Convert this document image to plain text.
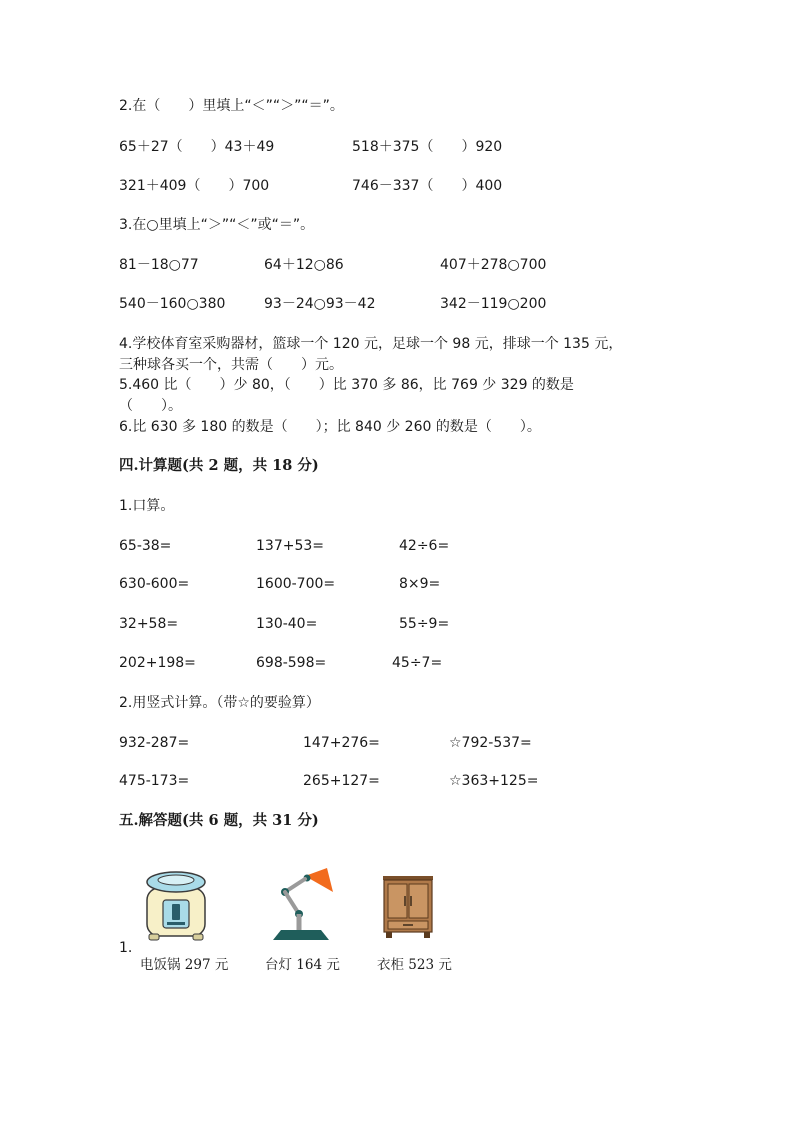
2.在（　　）里填上“＜”“＞”“＝”。
65＋27（　　）43＋49	518＋375（　　）920
321＋409（　　）700	746－337（　　）400
3.在○里填上“＞”“＜”或“＝”。
81－18○77	64＋12○86	407＋278○700
540－160○380	93－24○93－42	342－119○200
4.学校体育室采购器材，篮球一个 120 元，足球一个 98 元，排球一个 135 元，
三种球各买一个，共需（　　）元。
5.460 比（　　）少 80，（　　）比 370 多 86，比 769 少 329 的数是
（　　）。
6.比 630 多 180 的数是（　　）；比 840 少 260 的数是（　　）。
四.计算题(共 2 题，共 18 分)
1.口算。
65-38=	137+53=	42÷6=
630-600=	1600-700=	8×9=
32+58=	130-40=	55÷9=
202+198=	698-598=	45÷7=
2.用竖式计算。（带☆的要验算）
932-287=	147+276=	☆792-537=
475-173=	265+127=	☆363+125=
五.解答题(共 6 题，共 31 分)
1.
电饭锅 297 元	台灯 164 元	衣柜 523 元
